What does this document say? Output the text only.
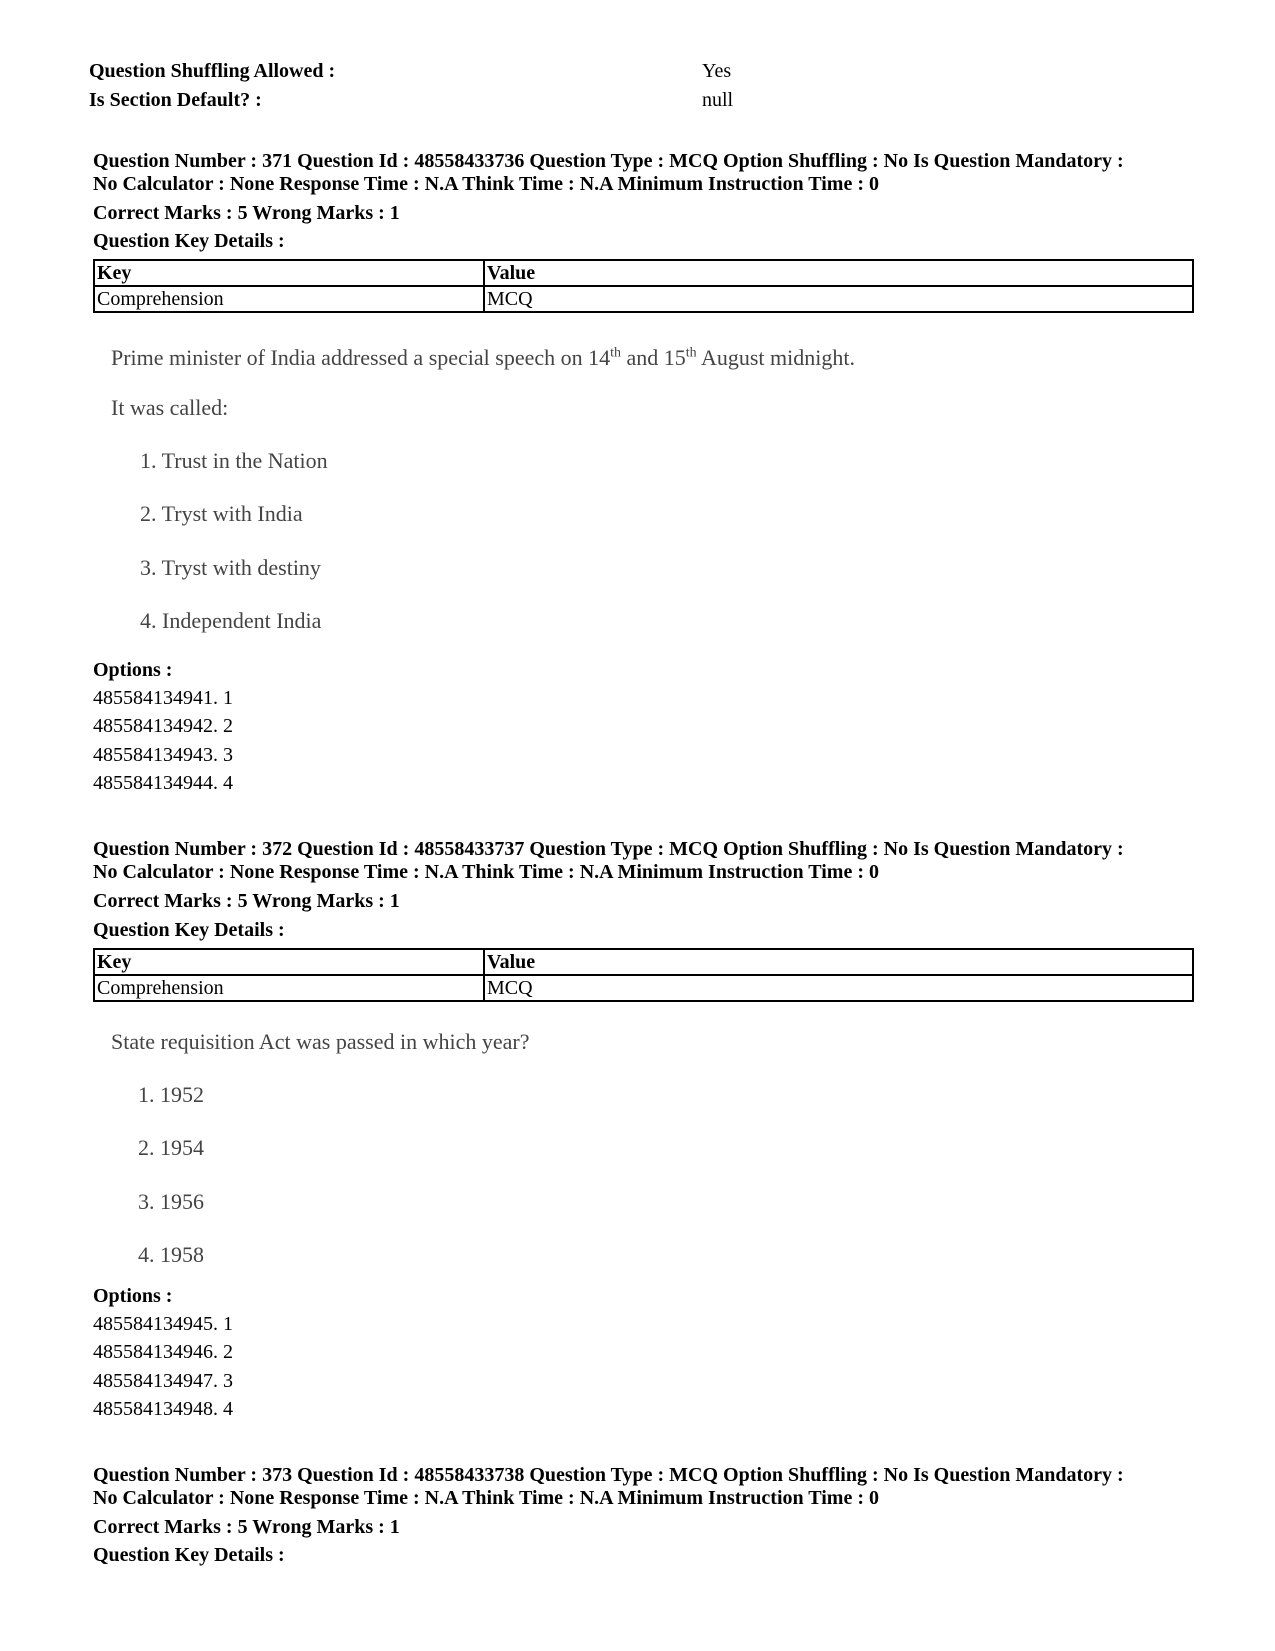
Question Shuffling Allowed :	Yes
Is Section Default? :	null
Question Number : 371 Question Id : 48558433736 Question Type : MCQ Option Shuffling : No Is Question Mandatory :
No Calculator : None Response Time : N.A Think Time : N.A Minimum Instruction Time : 0
Correct Marks : 5 Wrong Marks : 1
Question Key Details :
Key	Value
Comprehension	MCQ
Prime minister of India addressed a special speech on 14th and 15th August midnight.
It was called:
1. Trust in the Nation
2. Tryst with India
3. Tryst with destiny
4. Independent India
Options :
485584134941. 1
485584134942. 2
485584134943. 3
485584134944. 4
Question Number : 372 Question Id : 48558433737 Question Type : MCQ Option Shuffling : No Is Question Mandatory :
No Calculator : None Response Time : N.A Think Time : N.A Minimum Instruction Time : 0
Correct Marks : 5 Wrong Marks : 1
Question Key Details :
Key	Value
Comprehension	MCQ
State requisition Act was passed in which year?
1. 1952
2. 1954
3. 1956
4. 1958
Options :
485584134945. 1
485584134946. 2
485584134947. 3
485584134948. 4
Question Number : 373 Question Id : 48558433738 Question Type : MCQ Option Shuffling : No Is Question Mandatory :
No Calculator : None Response Time : N.A Think Time : N.A Minimum Instruction Time : 0
Correct Marks : 5 Wrong Marks : 1
Question Key Details :
